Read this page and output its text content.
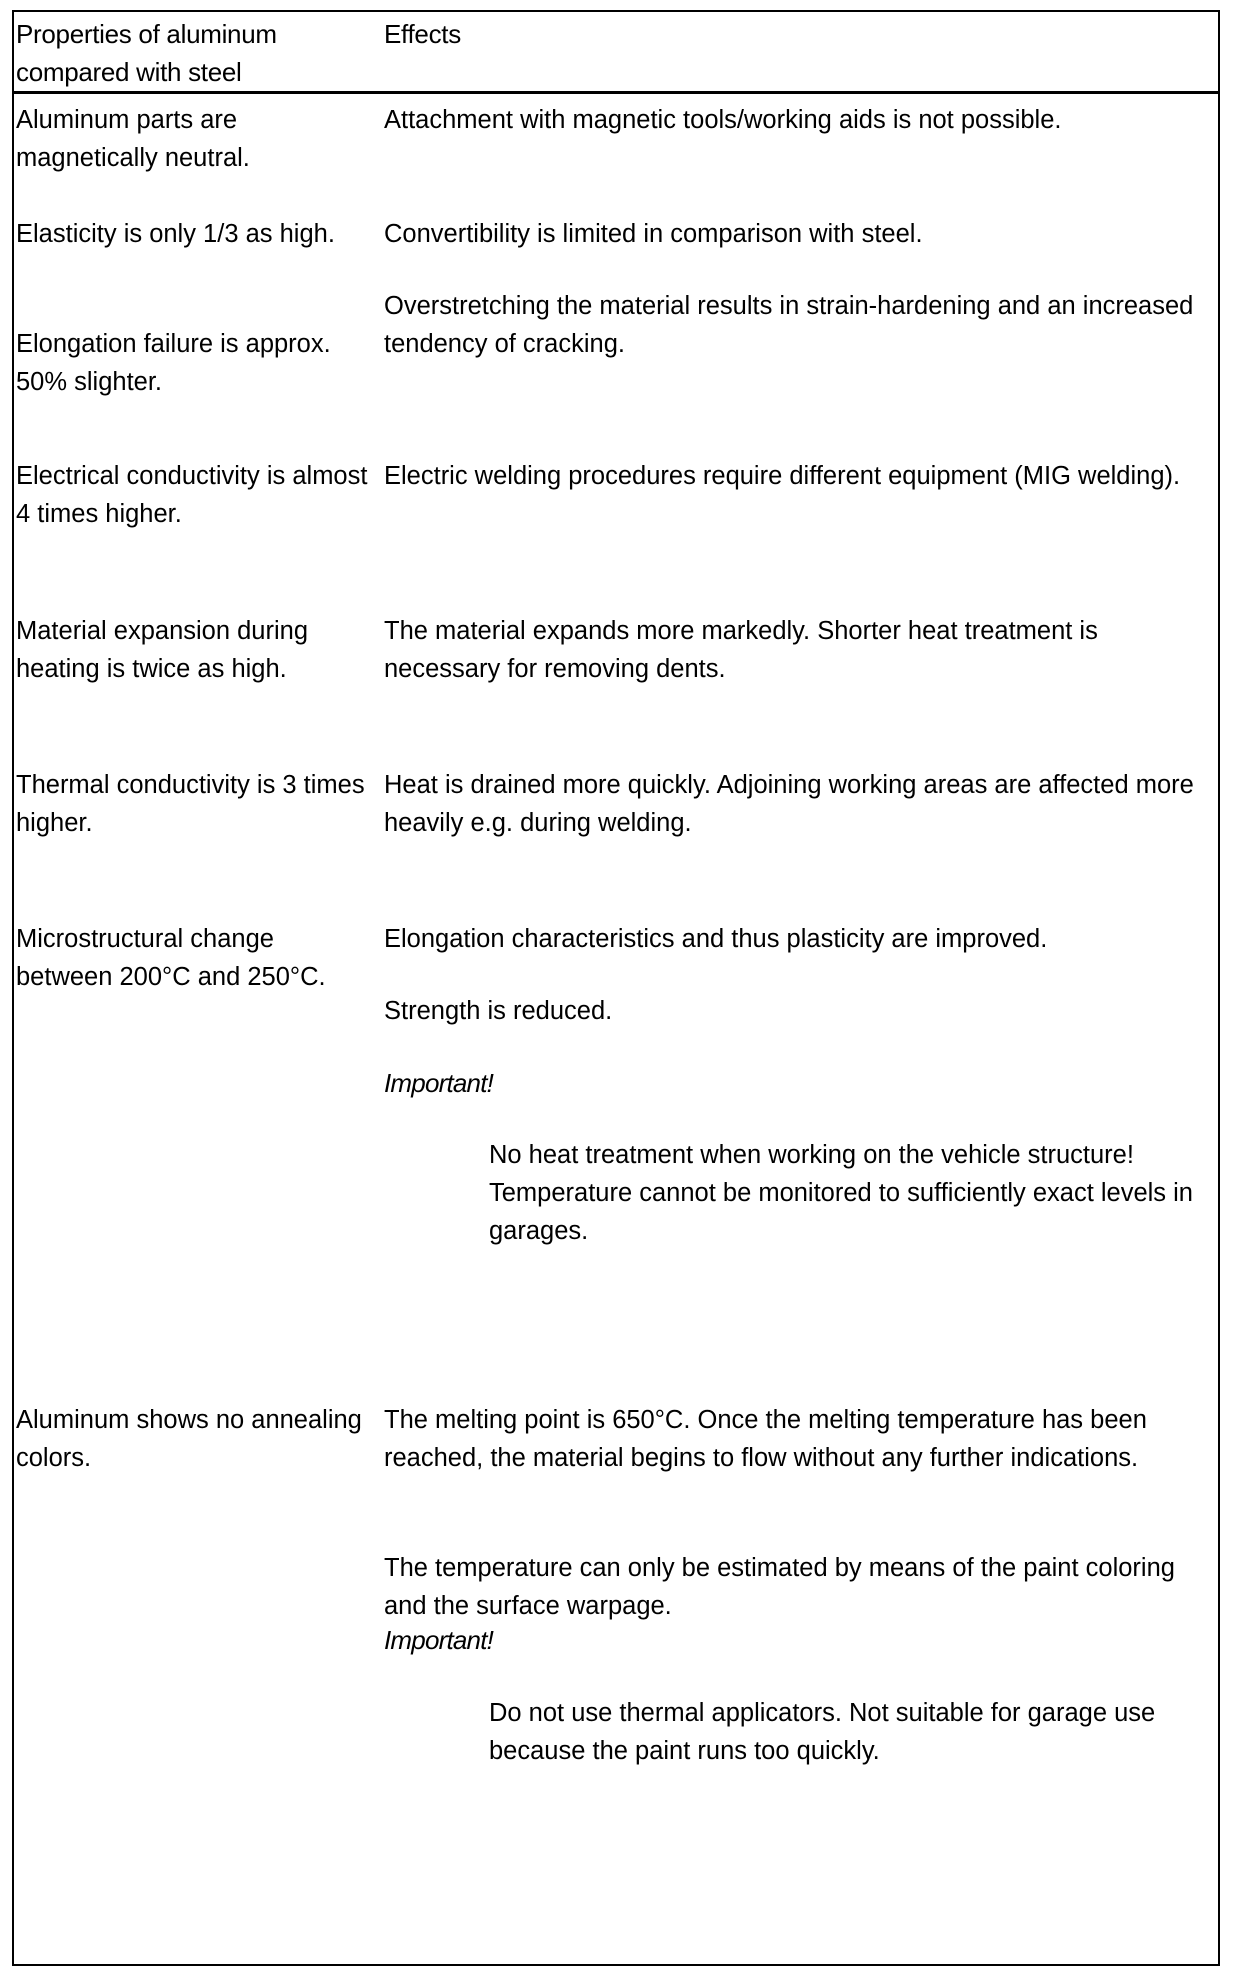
Properties of aluminum compared with steel
Effects
Aluminum parts are magnetically neutral.
Attachment with magnetic tools/working aids is not possible.
Elasticity is only 1/3 as high.	Convertibility is limited in comparison with steel.
Elongation failure is approx. 50% slighter.
Overstretching the material results in strain-hardening and an increased tendency of cracking.
Electrical conductivity is almost 4 times higher.
Electric welding procedures require different equipment (MIG welding).
Material expansion during heating is twice as high.
The material expands more markedly. Shorter heat treatment is necessary for removing dents.
Thermal conductivity is 3 times higher.
Heat is drained more quickly. Adjoining working areas are affected more heavily e.g. during welding.
Microstructural change between 200°C and 250°C.
Elongation characteristics and thus plasticity are improved.
Strength is reduced.
Important!
No heat treatment when working on the vehicle structure! Temperature cannot be monitored to sufficiently exact levels in garages.
Aluminum shows no annealing colors.
The melting point is 650°C. Once the melting temperature has been reached, the material begins to flow without any further indications.
The temperature can only be estimated by means of the paint coloring and the surface warpage.
Important!
Do not use thermal applicators. Not suitable for garage use because the paint runs too quickly.
